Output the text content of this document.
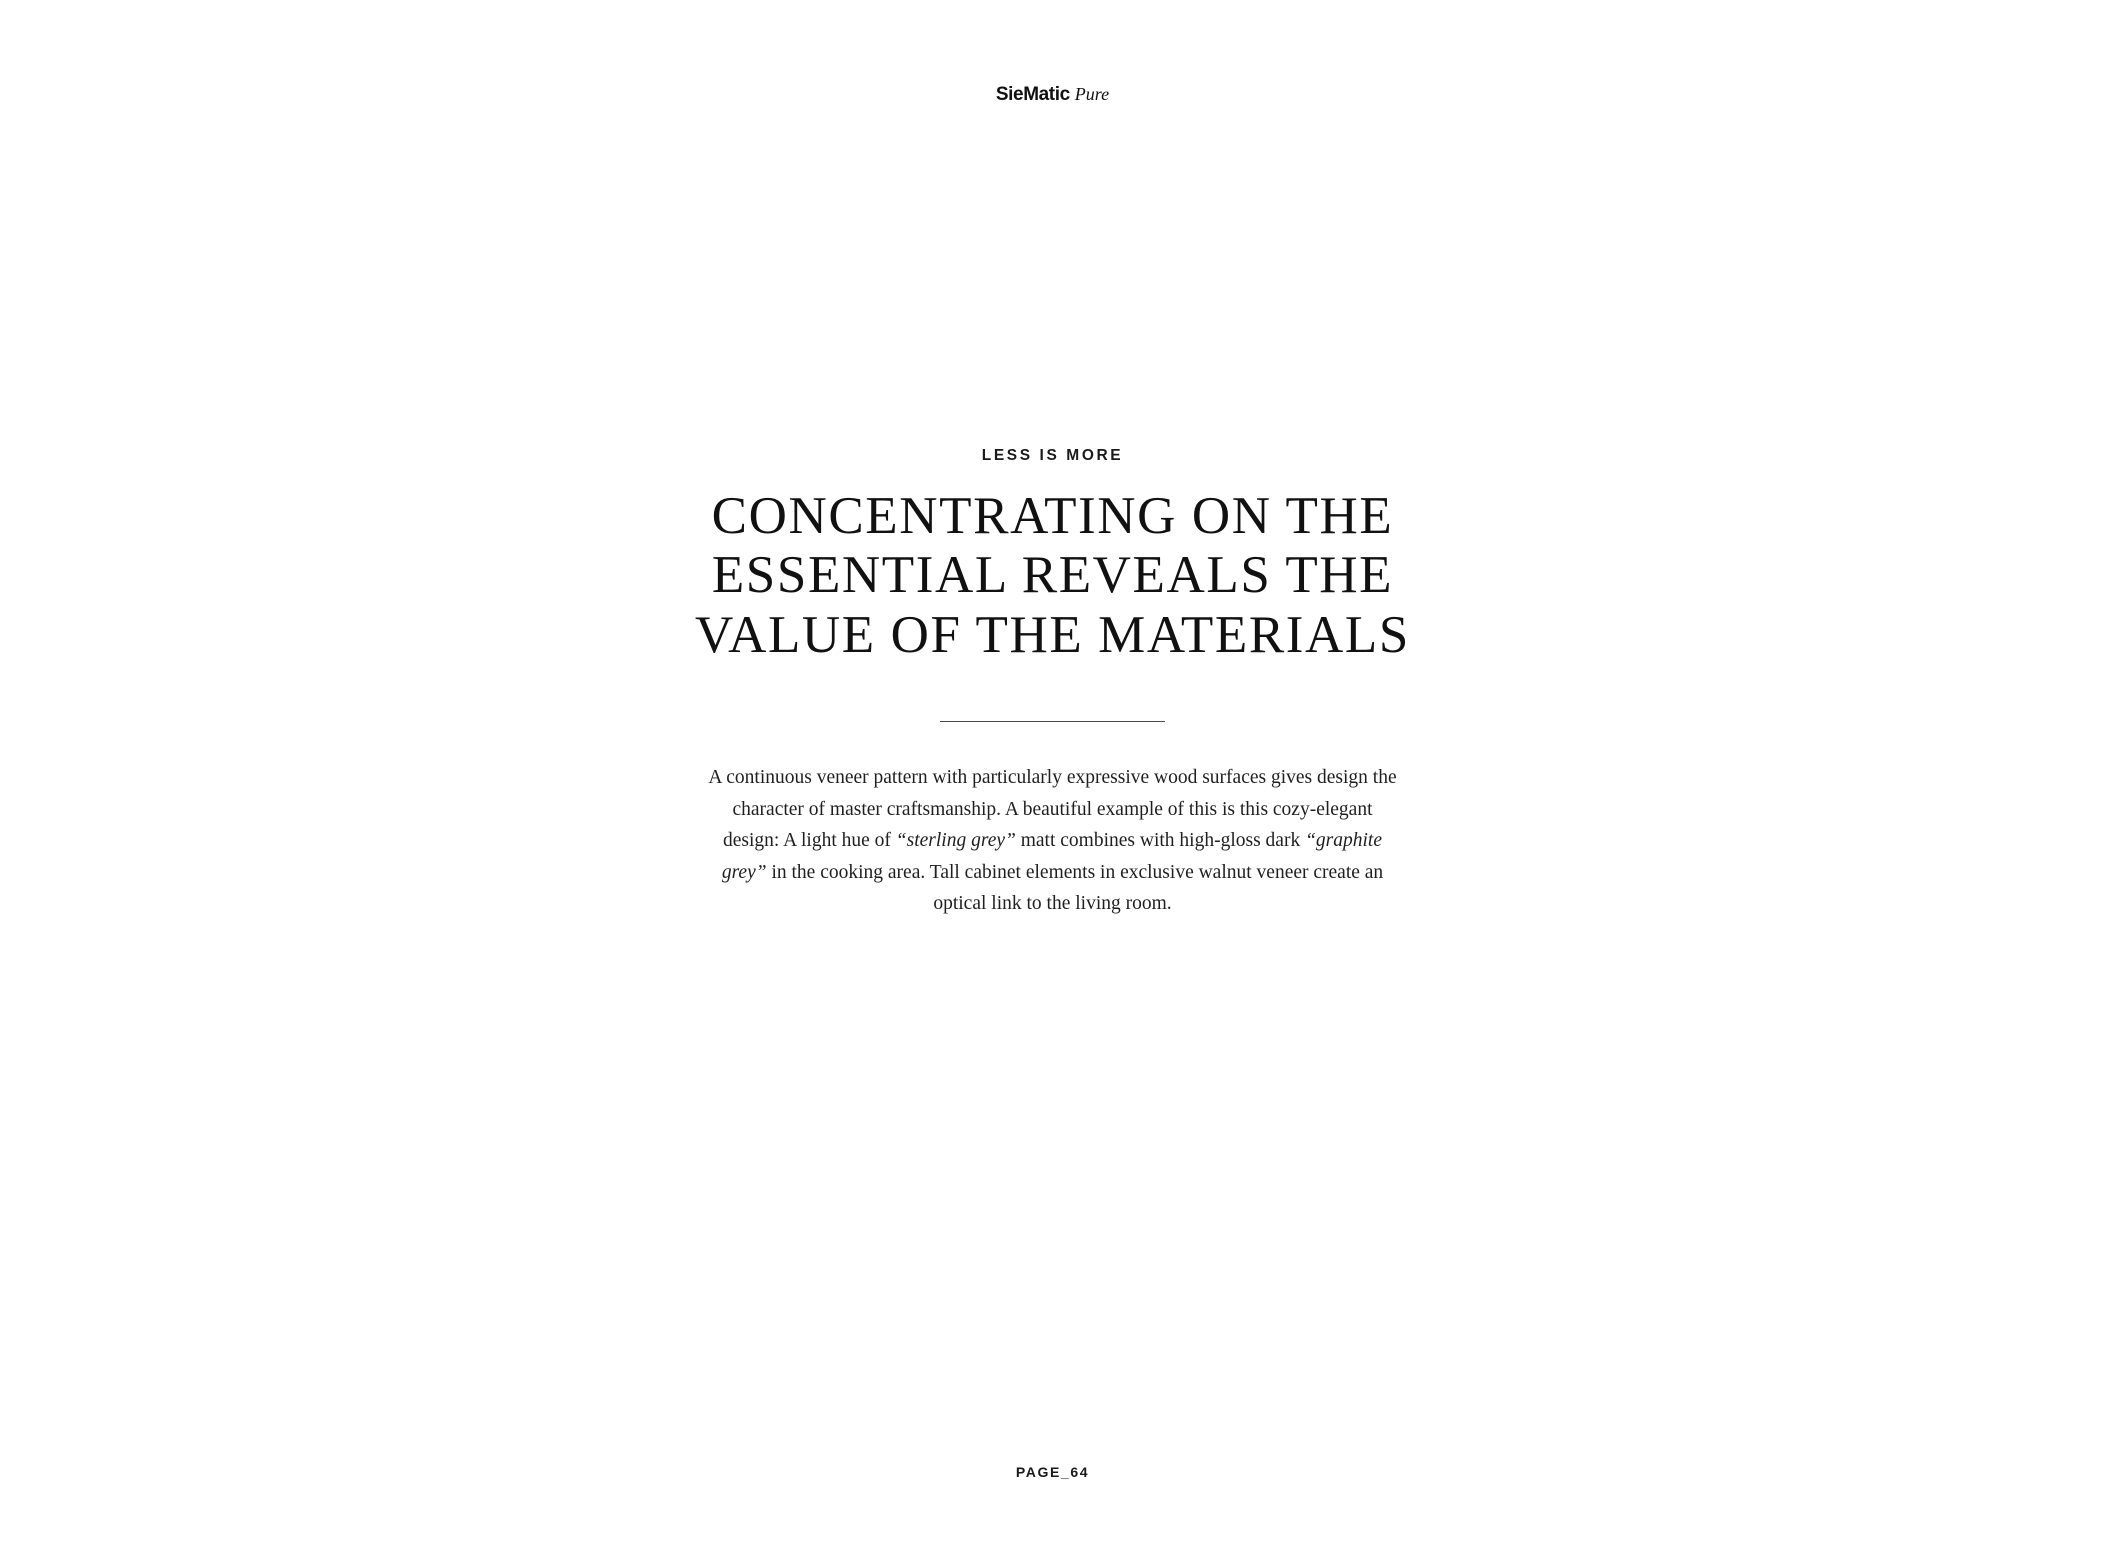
SieMatic Pure
LESS IS MORE
CONCENTRATING ON THE ESSENTIAL REVEALS THE VALUE OF THE MATERIALS

A continuous veneer pattern with particularly expressive wood surfaces gives design the character of master craftsmanship. A beautiful example of this is this cozy-elegant design: A light hue of “sterling grey” matt combines with high-gloss dark “graphite grey” in the cooking area. Tall cabinet elements in exclusive walnut veneer create an optical link to the living room.

PAGE_64
